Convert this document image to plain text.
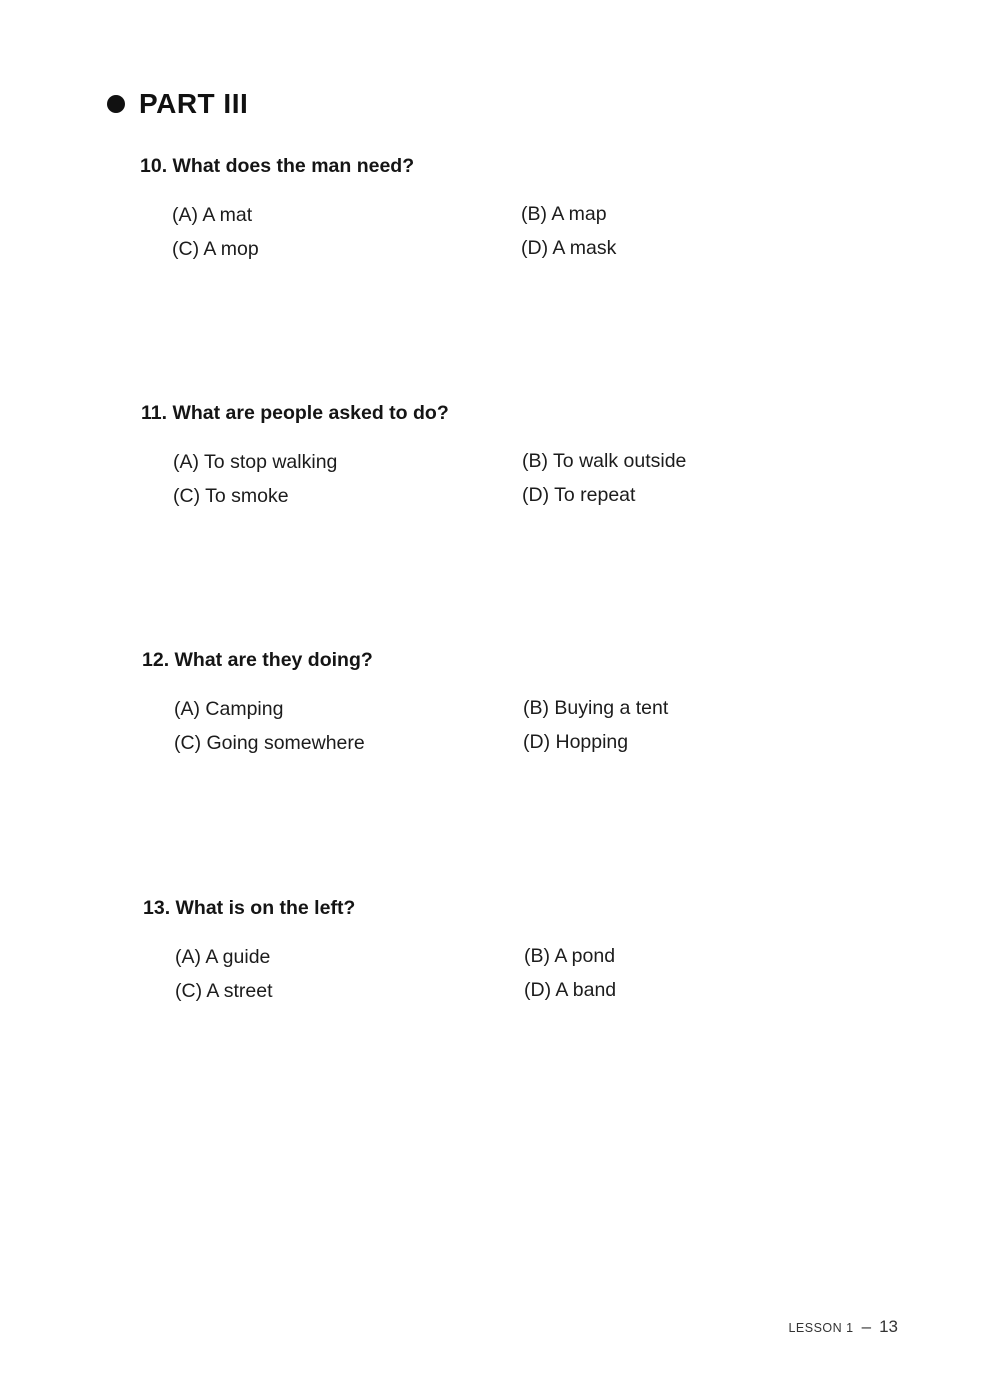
PART III
10. What does the man need?
(A) A mat	(B) A map
(C) A mop	(D) A mask
11. What are people asked to do?
(A) To stop walking	(B) To walk outside
(C) To smoke	(D) To repeat
12. What are they doing?
(A) Camping	(B) Buying a tent
(C) Going somewhere	(D) Hopping
13. What is on the left?
(A) A guide	(B) A pond
(C) A street	(D) A band
LESSON 1 – 13
